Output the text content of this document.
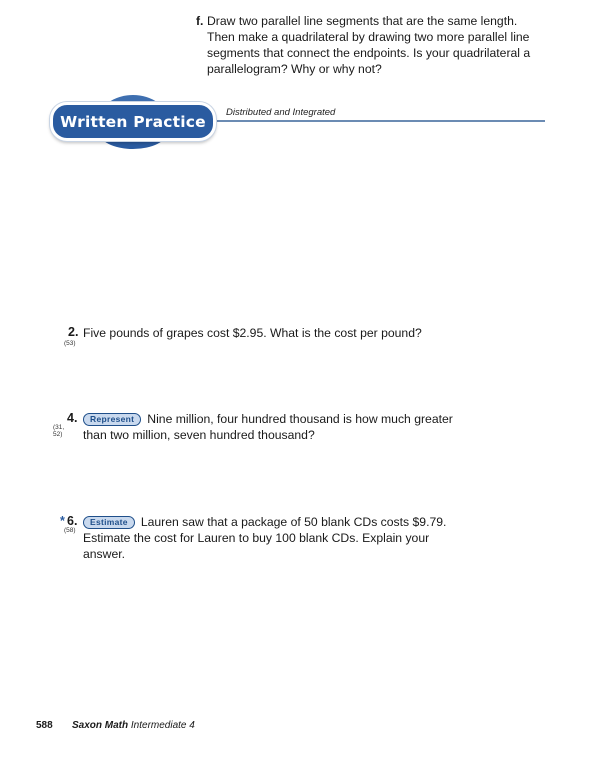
f. Draw two parallel line segments that are the same length. Then make a quadrilateral by drawing two more parallel line segments that connect the endpoints. Is your quadrilateral a parallelogram? Why or why not?
Distributed and Integrated
Written Practice
2.
(53)
Five pounds of grapes cost $2.95. What is the cost per pound?
4.
(31, 52)
Represent Nine million, four hundred thousand is how much greater than two million, seven hundred thousand?
* 6.
(58)
Estimate Lauren saw that a package of 50 blank CDs costs $9.79. Estimate the cost for Lauren to buy 100 blank CDs. Explain your answer.
588 Saxon Math Intermediate 4
